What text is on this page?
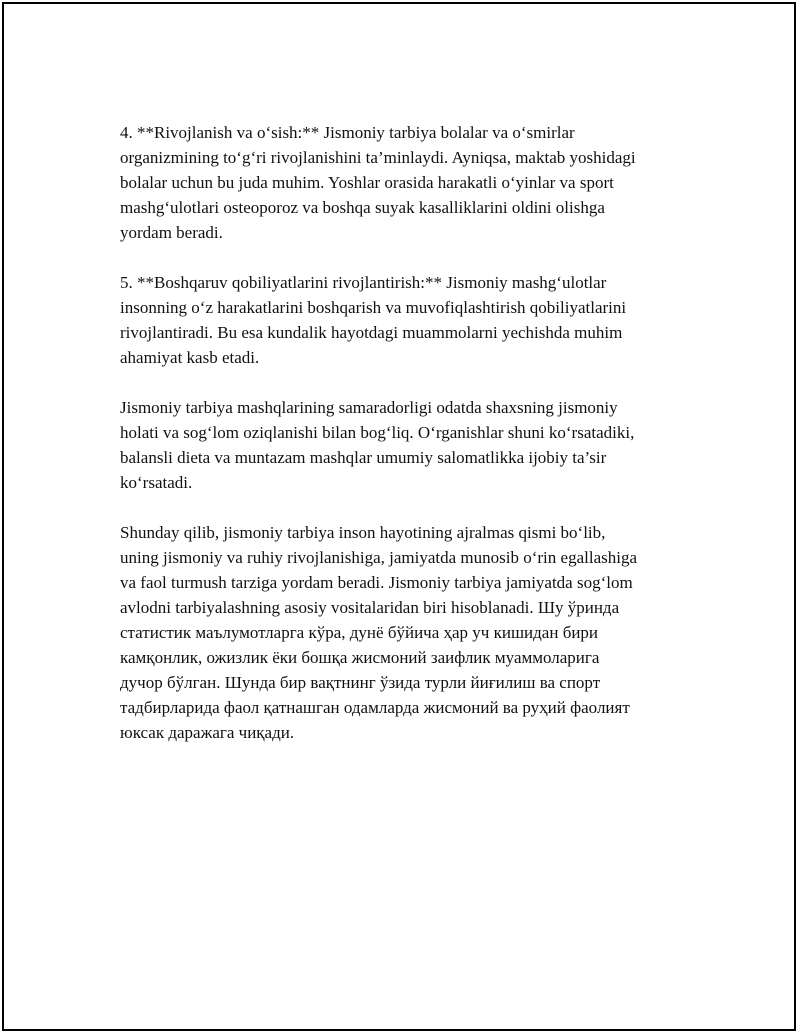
4. **Rivojlanish va o‘sish:** Jismoniy tarbiya bolalar va o‘smirlar
organizmining to‘g‘ri rivojlanishini ta’minlaydi. Ayniqsa, maktab yoshidagi
bolalar uchun bu juda muhim. Yoshlar orasida harakatli o‘yinlar va sport
mashg‘ulotlari osteoporoz va boshqa suyak kasalliklarini oldini olishga
yordam beradi.

5. **Boshqaruv qobiliyatlarini rivojlantirish:** Jismoniy mashg‘ulotlar
insonning o‘z harakatlarini boshqarish va muvofiqlashtirish qobiliyatlarini
rivojlantiradi. Bu esa kundalik hayotdagi muammolarni yechishda muhim
ahamiyat kasb etadi.

Jismoniy tarbiya mashqlarining samaradorligi odatda shaxsning jismoniy
holati va sog‘lom oziqlanishi bilan bog‘liq. O‘rganishlar shuni ko‘rsatadiki,
balansli dieta va muntazam mashqlar umumiy salomatlikka ijobiy ta’sir
ko‘rsatadi.

Shunday qilib, jismoniy tarbiya inson hayotining ajralmas qismi bo‘lib,
uning jismoniy va ruhiy rivojlanishiga, jamiyatda munosib o‘rin egallashiga
va faol turmush tarziga yordam beradi. Jismoniy tarbiya jamiyatda sog‘lom
avlodni tarbiyalashning asosiy vositalaridan biri hisoblanadi. Шу ўринда
статистик маълумотларга кўра, дунё бўйича ҳар уч кишидан бири
камқонлик, ожизлик ёки бошқа жисмоний заифлик муаммоларига
дучор бўлган. Шунда бир вақтнинг ўзида турли йиғилиш ва спорт
тадбирларида фаол қатнашган одамларда жисмоний ва руҳий фаолият
юксак даражага чиқади.
